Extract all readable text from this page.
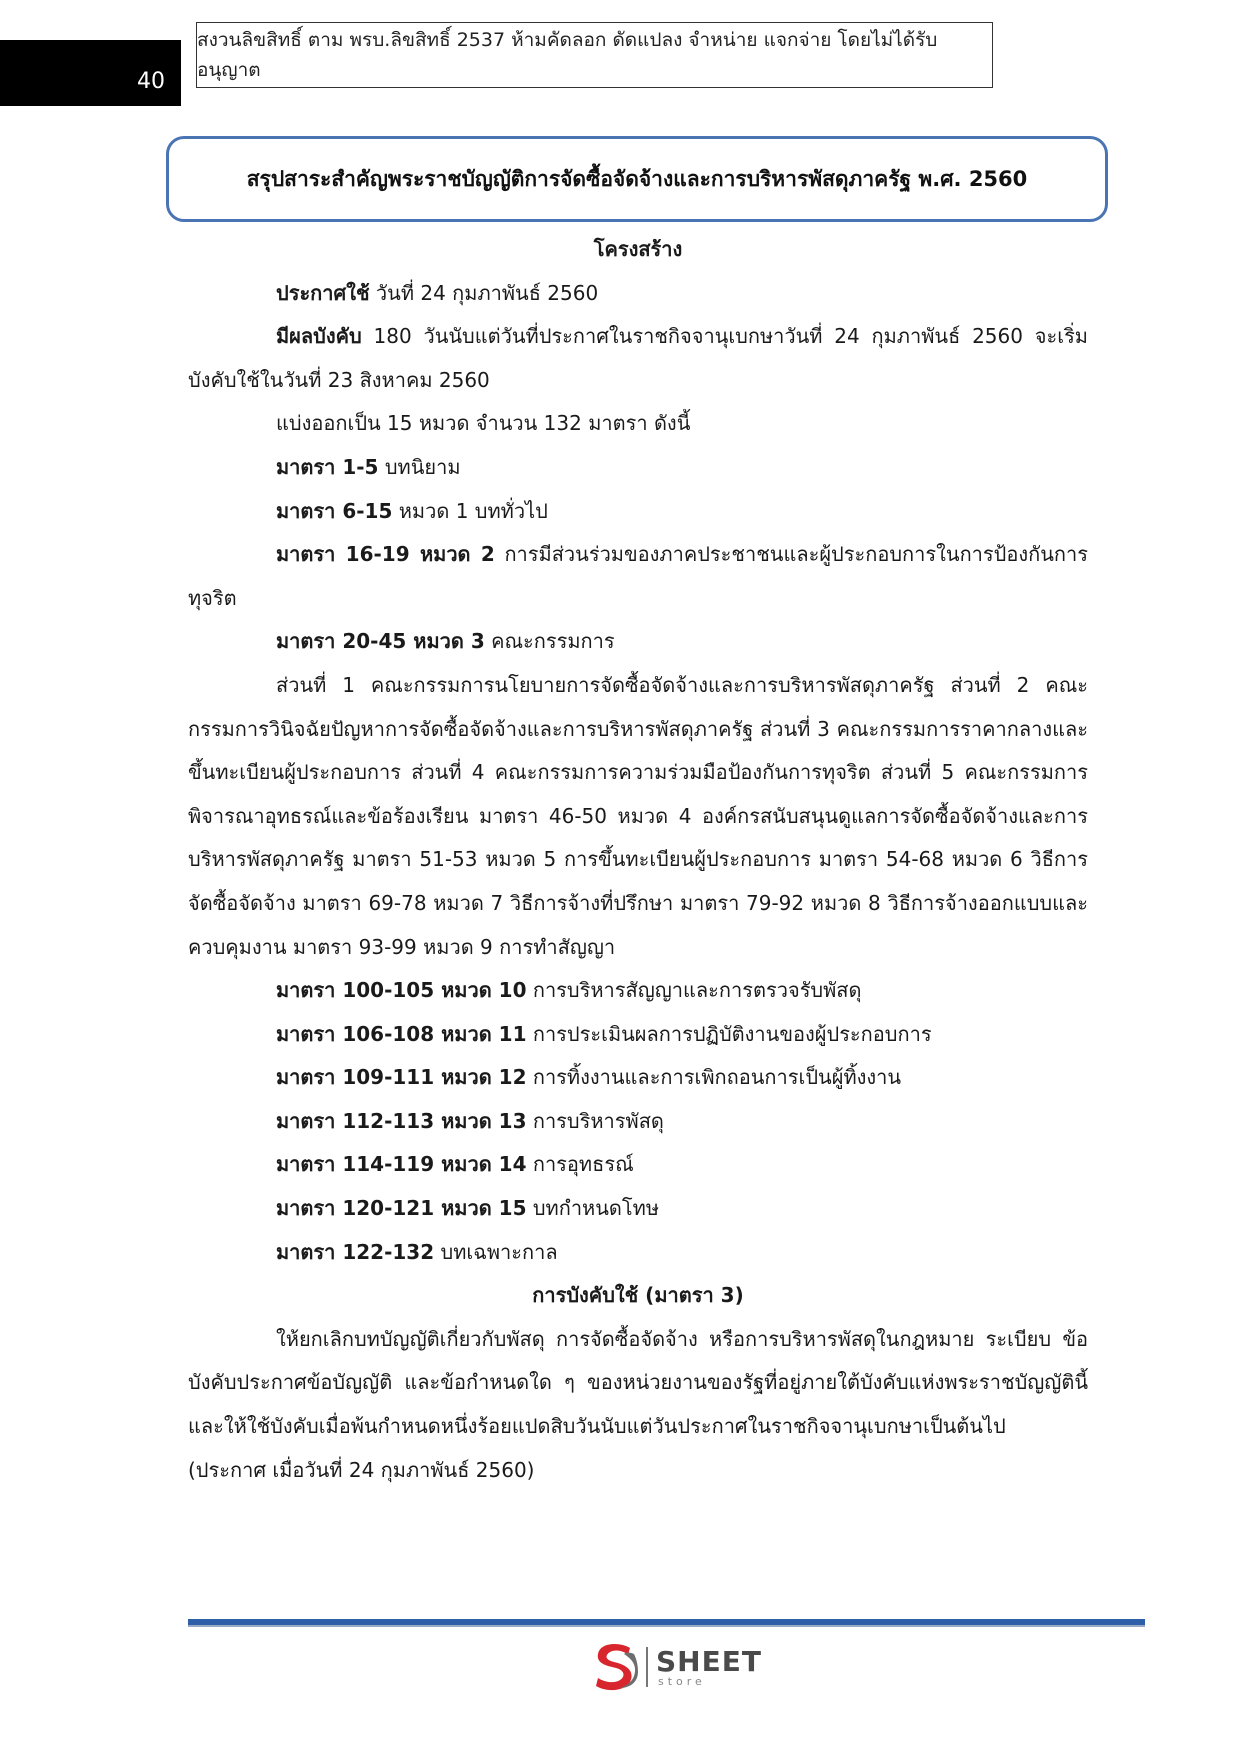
40
สงวนลิขสิทธิ์ ตาม พรบ.ลิขสิทธิ์ 2537 ห้ามคัดลอก ดัดแปลง จำหน่าย แจกจ่าย โดยไม่ได้รับอนุญาต
สรุปสาระสำคัญพระราชบัญญัติการจัดซื้อจัดจ้างและการบริหารพัสดุภาครัฐ พ.ศ. 2560
โครงสร้าง
ประกาศใช้ วันที่ 24 กุมภาพันธ์ 2560
มีผลบังคับ 180 วันนับแต่วันที่ประกาศในราชกิจจานุเบกษาวันที่ 24 กุมภาพันธ์ 2560 จะเริ่มบังคับใช้ในวันที่ 23 สิงหาคม 2560
แบ่งออกเป็น 15 หมวด จำนวน 132 มาตรา ดังนี้
มาตรา 1-5 บทนิยาม
มาตรา 6-15 หมวด 1 บททั่วไป
มาตรา 16-19 หมวด 2 การมีส่วนร่วมของภาคประชาชนและผู้ประกอบการในการป้องกันการทุจริต
มาตรา 20-45 หมวด 3 คณะกรรมการ
ส่วนที่ 1 คณะกรรมการนโยบายการจัดซื้อจัดจ้างและการบริหารพัสดุภาครัฐ ส่วนที่ 2 คณะกรรมการวินิจฉัยปัญหาการจัดซื้อจัดจ้างและการบริหารพัสดุภาครัฐ ส่วนที่ 3 คณะกรรมการราคากลางและขึ้นทะเบียนผู้ประกอบการ ส่วนที่ 4 คณะกรรมการความร่วมมือป้องกันการทุจริต ส่วนที่ 5 คณะกรรมการพิจารณาอุทธรณ์และข้อร้องเรียน มาตรา 46-50 หมวด 4 องค์กรสนับสนุนดูแลการจัดซื้อจัดจ้างและการบริหารพัสดุภาครัฐ มาตรา 51-53 หมวด 5 การขึ้นทะเบียนผู้ประกอบการ มาตรา 54-68 หมวด 6 วิธีการจัดซื้อจัดจ้าง มาตรา 69-78 หมวด 7 วิธีการจ้างที่ปรึกษา มาตรา 79-92 หมวด 8 วิธีการจ้างออกแบบและควบคุมงาน มาตรา 93-99 หมวด 9 การทำสัญญา
มาตรา 100-105 หมวด 10 การบริหารสัญญาและการตรวจรับพัสดุ
มาตรา 106-108 หมวด 11 การประเมินผลการปฏิบัติงานของผู้ประกอบการ
มาตรา 109-111 หมวด 12 การทิ้งงานและการเพิกถอนการเป็นผู้ทิ้งงาน
มาตรา 112-113 หมวด 13 การบริหารพัสดุ
มาตรา 114-119 หมวด 14 การอุทธรณ์
มาตรา 120-121 หมวด 15 บทกำหนดโทษ
มาตรา 122-132 บทเฉพาะกาล
การบังคับใช้ (มาตรา 3)
ให้ยกเลิกบทบัญญัติเกี่ยวกับพัสดุ การจัดซื้อจัดจ้าง หรือการบริหารพัสดุในกฎหมาย ระเบียบ ข้อบังคับประกาศข้อบัญญัติ และข้อกำหนดใด ๆ ของหน่วยงานของรัฐที่อยู่ภายใต้บังคับแห่งพระราชบัญญัตินี้ และให้ใช้บังคับเมื่อพ้นกำหนดหนึ่งร้อยแปดสิบวันนับแต่วันประกาศในราชกิจจานุเบกษาเป็นต้นไป (ประกาศ เมื่อวันที่ 24 กุมภาพันธ์ 2560)
SHEET
store
